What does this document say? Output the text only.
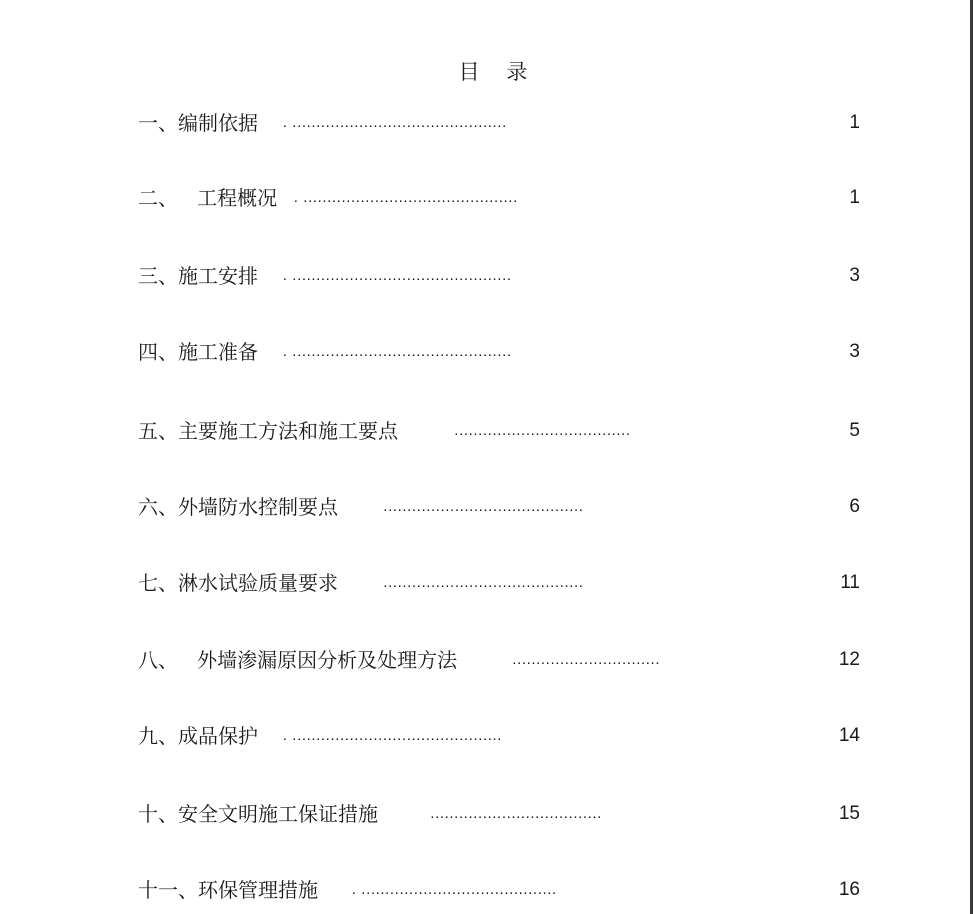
目 录
一、编制依据 . .............................................	1
二、   工程概况 . .............................................	1
三、施工安排 . ..............................................	3
四、施工准备 . ..............................................	3
五、主要施工方法和施工要点	.....................................	5
六、外墙防水控制要点 ..........................................	6
七、淋水试验质量要求 ..........................................	11
八、   外墙渗漏原因分析及处理方法	...............................	12
九、成品保护 . ............................................	14
十、安全文明施工保证措施	....................................	15
十一、环保管理措施 . .........................................	16
